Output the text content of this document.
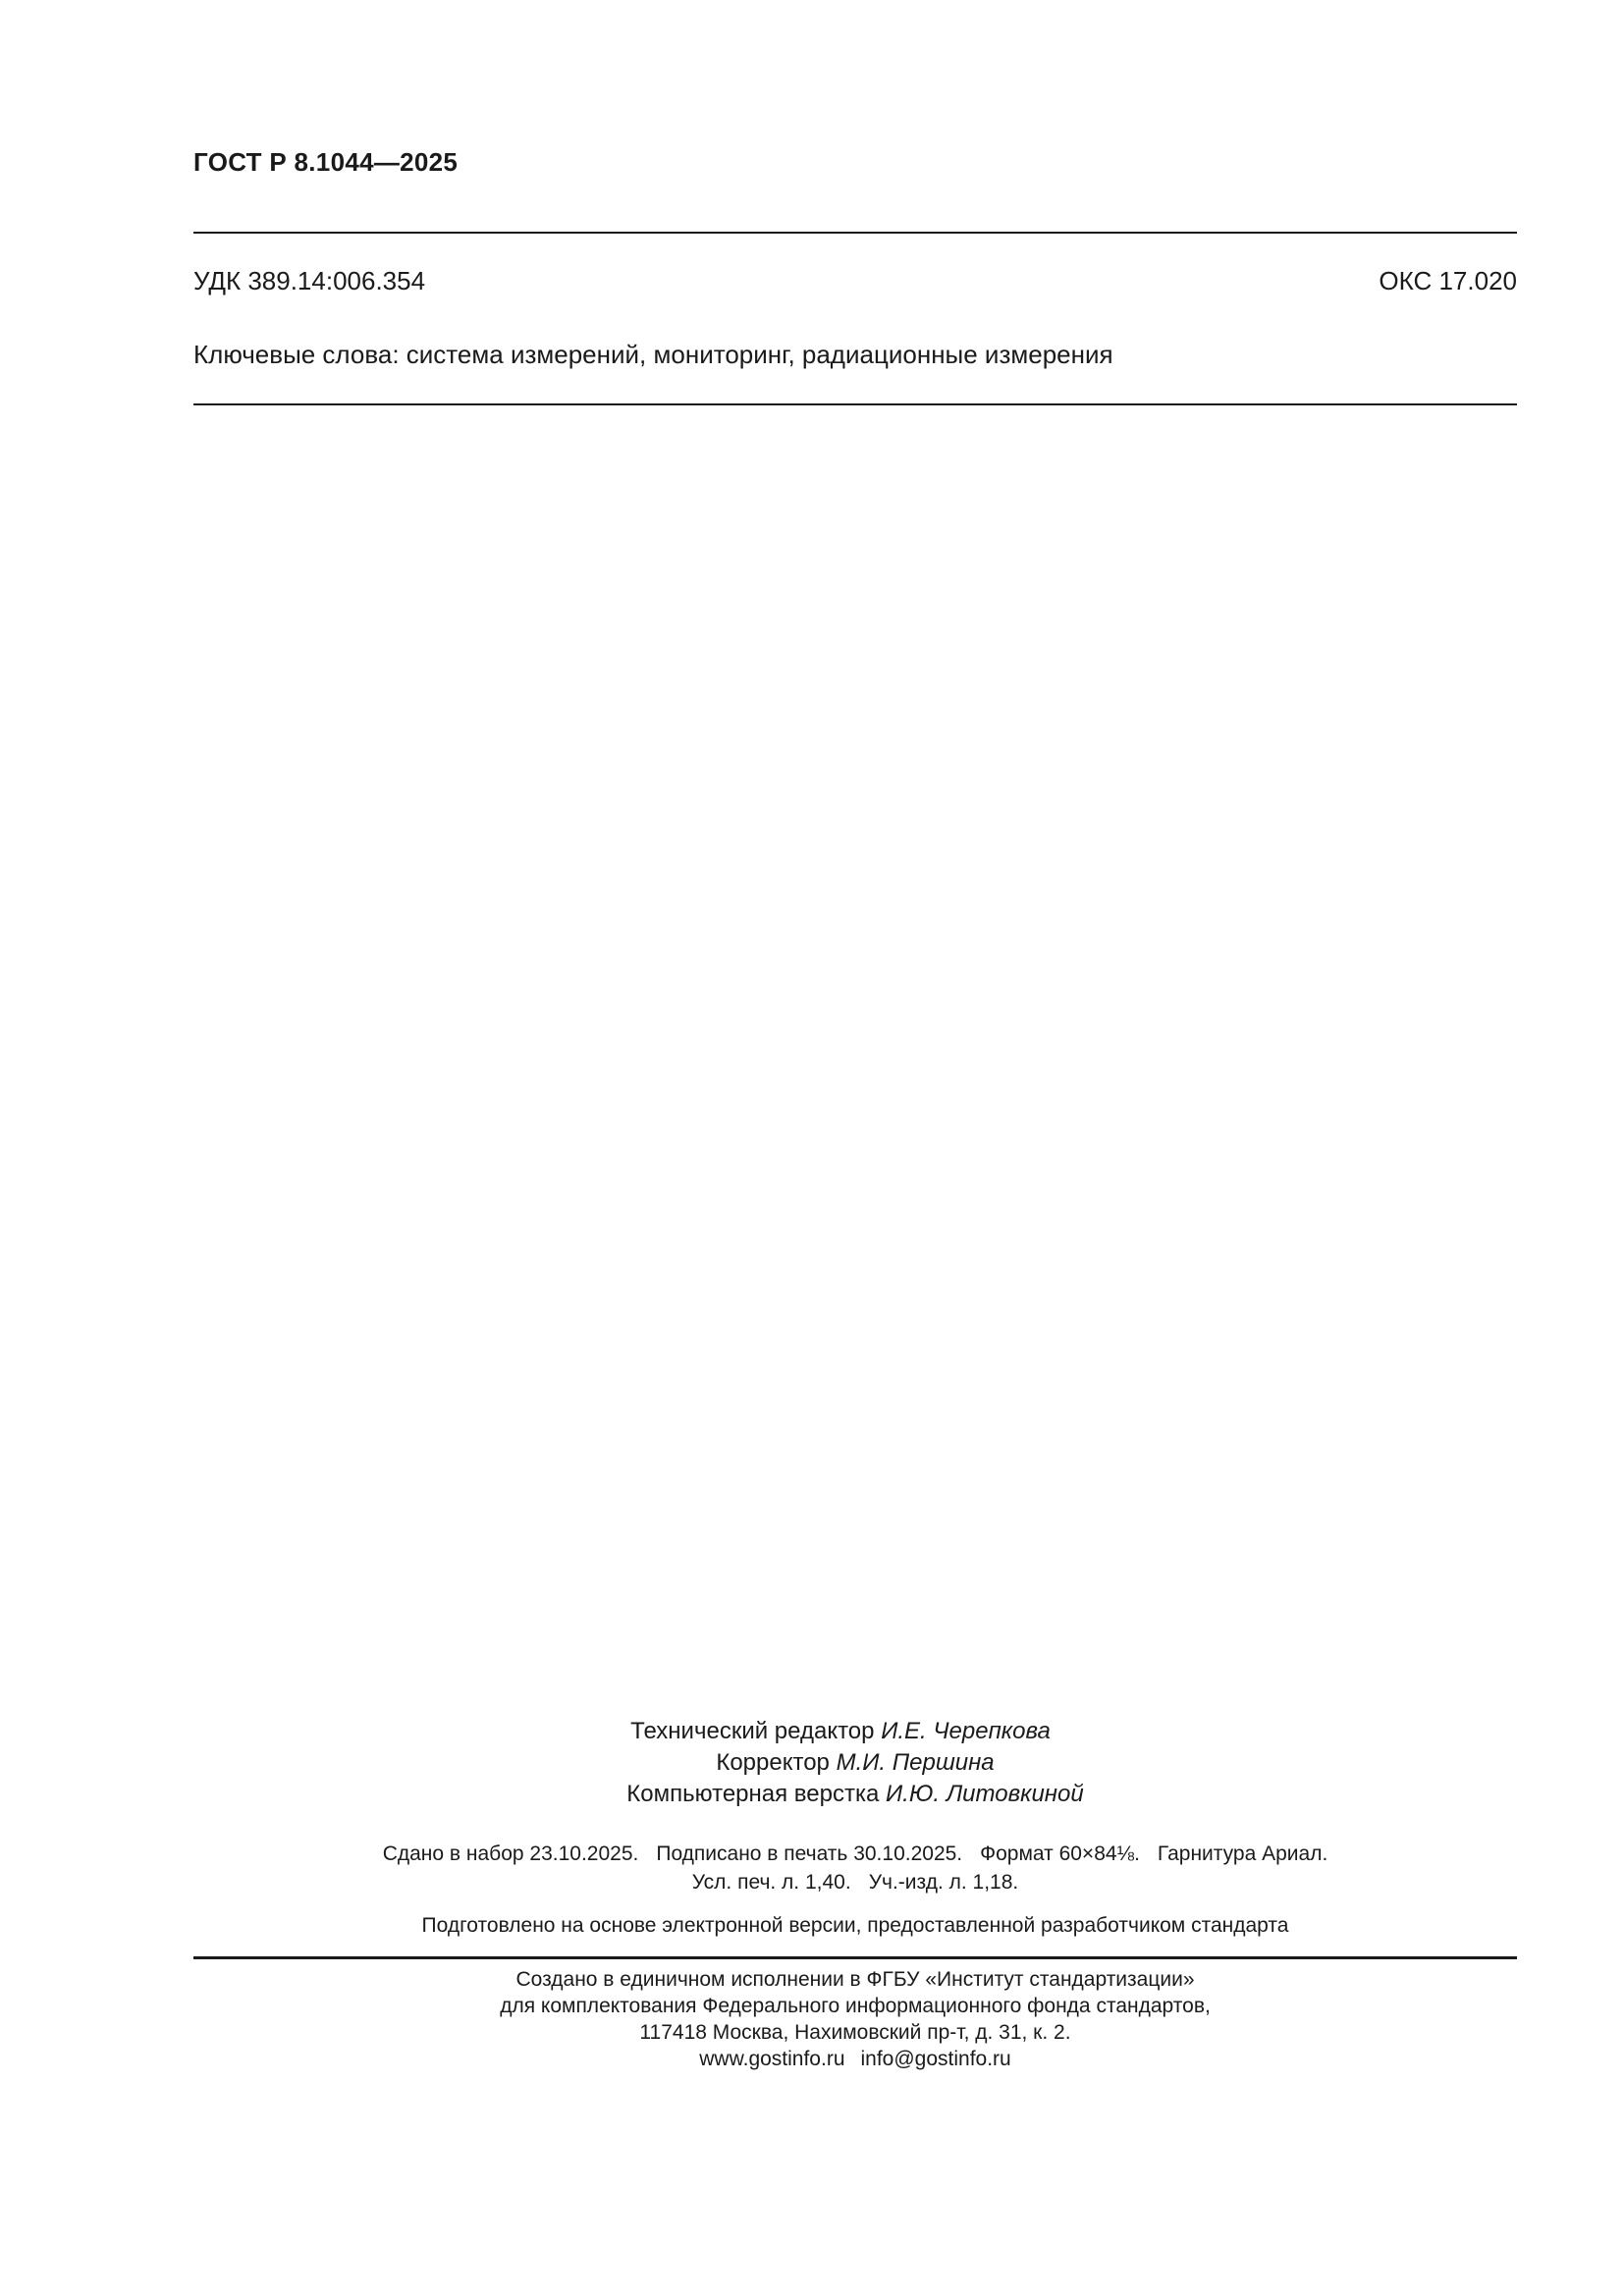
ГОСТ Р 8.1044—2025
УДК 389.14:006.354	ОКС 17.020
Ключевые слова: система измерений, мониторинг, радиационные измерения
Технический редактор И.Е. Черепкова
Корректор М.И. Першина
Компьютерная верстка И.Ю. Литовкиной
Сдано в набор 23.10.2025. Подписано в печать 30.10.2025. Формат 60×84⅛. Гарнитура Ариал.
Усл. печ. л. 1,40. Уч.-изд. л. 1,18.
Подготовлено на основе электронной версии, предоставленной разработчиком стандарта
Создано в единичном исполнении в ФГБУ «Институт стандартизации»
для комплектования Федерального информационного фонда стандартов,
117418 Москва, Нахимовский пр-т, д. 31, к. 2.
www.gostinfo.ru info@gostinfo.ru
